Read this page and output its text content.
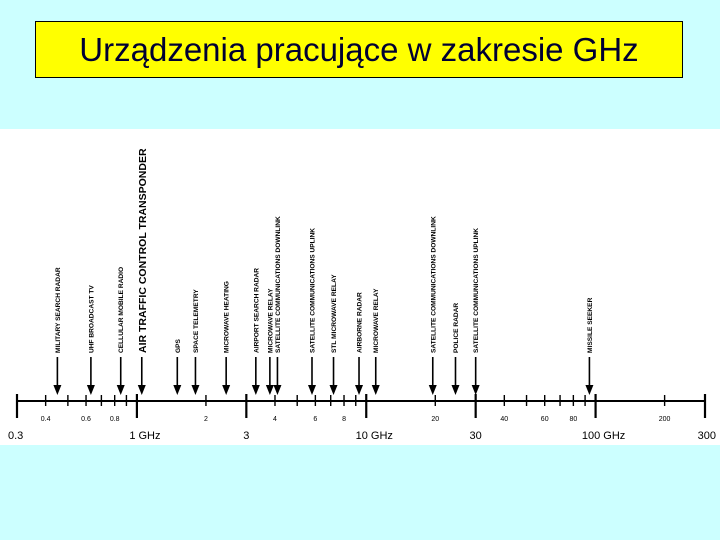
Urządzenia pracujące w zakresie GHz
0.4	0.6	0.8	2	4	6	8	20	40	60	80	200
0.3	1 GHz	3	10 GHz	30	100 GHz	300
MILITARY SEARCH RADAR	UHF BROADCAST TV	CELLULAR MOBILE RADIO AIR TRAFFIC CONTROL TRANSPONDER	GPS SPACE TELEMETRY	MICROWAVE HEATING	AIRPORT SEARCH RADAR MICROWAVE RELAY SATELLITE COMMUNICATIONS DOWNLINK	SATELLITE COMMUNICATIONS UPLINK STL MICROWAVE RELAY	AIRBORNE RADAR MICROWAVE RELAY	SATELLITE COMMUNICATIONS DOWNLINK POLICE RADAR SATELLITE COMMUNICATIONS UPLINK	MISSILE SEEKER
